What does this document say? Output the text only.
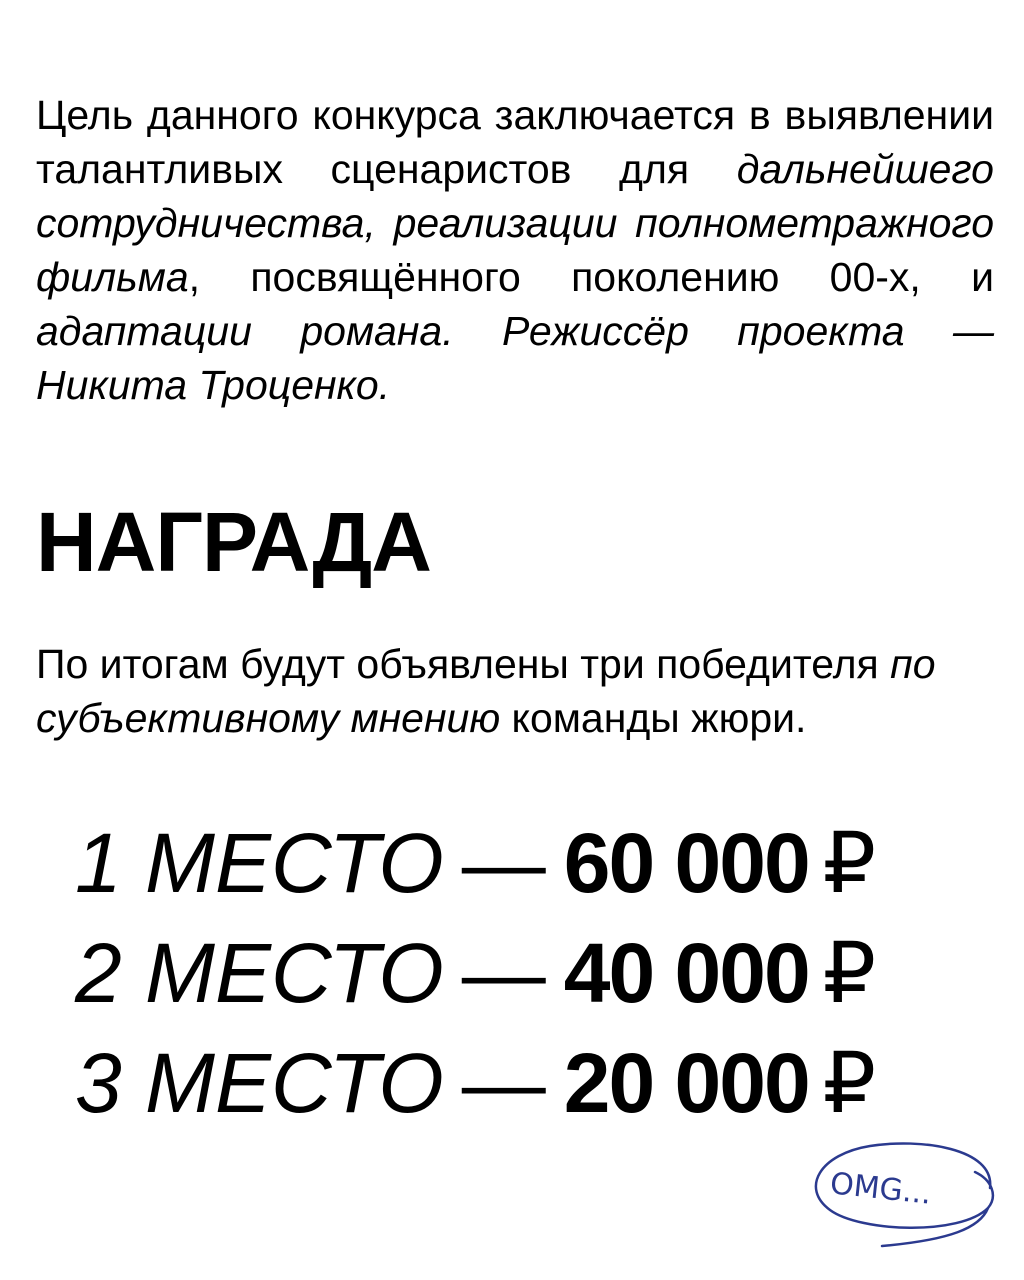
Цель данного конкурса заключается в выявлении талантливых сценаристов для дальнейшего сотрудничества, реализации полнометражного фильма, посвящённого поколению 00-х, и адаптации романа. Режиссёр проекта — Никита Троценко.

НАГРАДА

По итогам будут объявлены три победителя по субъективному мнению команды жюри.

1 МЕСТО — 60 000 ₽
2 МЕСТО — 40 000 ₽
3 МЕСТО — 20 000 ₽
OMG...
